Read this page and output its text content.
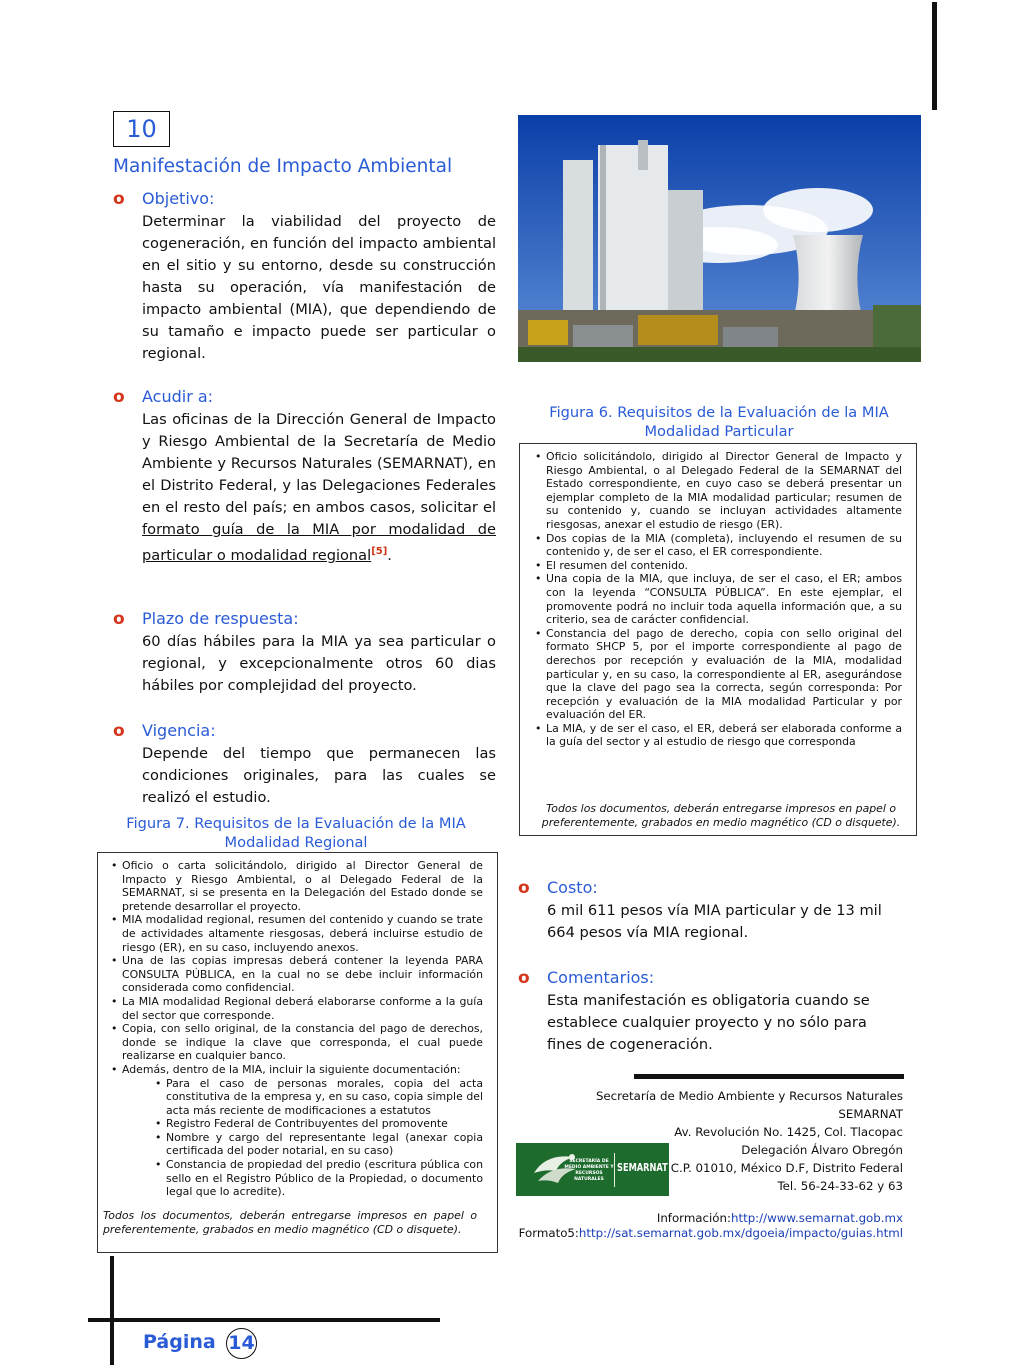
10
Manifestación de Impacto Ambiental
o Objetivo:

Determinar la viabilidad del proyecto de cogeneración, en función del impacto ambiental en el sitio y su entorno, desde su construcción hasta su operación, vía manifestación de impacto ambiental (MIA), que dependiendo de su tamaño e impacto puede ser particular o regional.

o Acudir a:

Las oficinas de la Dirección General de Impacto y Riesgo Ambiental de la Secretaría de Medio Ambiente y Recursos Naturales (SEMARNAT), en el Distrito Federal, y las Delegaciones Federales en el resto del país; en ambos casos, solicitar el formato guía de la MIA por modalidad de particular o modalidad regional[5].

o Plazo de respuesta:

60 días hábiles para la MIA ya sea particular o regional, y excepcionalmente otros 60 dias hábiles por complejidad del proyecto.

o Vigencia:

Depende del tiempo que permanecen las condiciones originales, para las cuales se realizó el estudio.

Figura 6. Requisitos de la Evaluación de la MIA
Modalidad Particular
• Oficio solicitándolo, dirigido al Director General de Impacto y Riesgo Ambiental, o al Delegado Federal de la SEMARNAT del Estado correspondiente, en cuyo caso se deberá presentar un ejemplar completo de la MIA modalidad particular; resumen de su contenido y, cuando se incluyan actividades altamente riesgosas, anexar el estudio de riesgo (ER).
• Dos copias de la MIA (completa), incluyendo el resumen de su contenido y, de ser el caso, el ER correspondiente.
• El resumen del contenido.
• Una copia de la MIA, que incluya, de ser el caso, el ER; ambos con la leyenda “CONSULTA PÚBLICA”. En este ejemplar, el promovente podrá no incluir toda aquella información que, a su criterio, sea de carácter confidencial.
• Constancia del pago de derecho, copia con sello original del formato SHCP 5, por el importe correspondiente al pago de derechos por recepción y evaluación de la MIA, modalidad particular y, en su caso, la correspondiente al ER, asegurándose que la clave del pago sea la correcta, según corresponda: Por recepción y evaluación de la MIA modalidad Particular y por evaluación del ER.
• La MIA, y de ser el caso, el ER, deberá ser elaborada conforme a la guía del sector y al estudio de riesgo que corresponda
Todos los documentos, deberán entregarse impresos en papel o preferentemente, grabados en medio magnético (CD o disquete).
Figura 7. Requisitos de la Evaluación de la MIA
Modalidad Regional
• Oficio o carta solicitándolo, dirigido al Director General de Impacto y Riesgo Ambiental, o al Delegado Federal de la SEMARNAT, si se presenta en la Delegación del Estado donde se pretende desarrollar el proyecto.
• MIA modalidad regional, resumen del contenido y cuando se trate de actividades altamente riesgosas, deberá incluirse estudio de riesgo (ER), en su caso, incluyendo anexos.
• Una de las copias impresas deberá contener la leyenda PARA CONSULTA PÚBLICA, en la cual no se debe incluir información considerada como confidencial.
• La MIA modalidad Regional deberá elaborarse conforme a la guía del sector que corresponde.
• Copia, con sello original, de la constancia del pago de derechos, donde se indique la clave que corresponda, el cual puede realizarse en cualquier banco.
• Además, dentro de la MIA, incluir la siguiente documentación:
• Para el caso de personas morales, copia del acta constitutiva de la empresa y, en su caso, copia simple del acta más reciente de modificaciones a estatutos
• Registro Federal de Contribuyentes del promovente
• Nombre y cargo del representante legal (anexar copia certificada del poder notarial, en su caso)
• Constancia de propiedad del predio (escritura pública con sello en el Registro Público de la Propiedad, o documento legal que lo acredite).
Todos los documentos, deberán entregarse impresos en papel o preferentemente, grabados en medio magnético (CD o disquete).
o Costo:

6 mil 611 pesos vía MIA particular y de 13 mil 664 pesos vía MIA regional.

o Comentarios:

Esta manifestación es obligatoria cuando se establece cualquier proyecto y no sólo para fines de cogeneración.

Secretaría de Medio Ambiente y Recursos Naturales
SEMARNAT
Av. Revolución No. 1425, Col. Tlacopac
Delegación Álvaro Obregón
C.P. 01010, México D.F, Distrito Federal
Tel. 56-24-33-62 y 63
Información:http://www.semarnat.gob.mx
Formato5:http://sat.semarnat.gob.mx/dgoeia/impacto/guias.html
SECRETARÍA DE
MEDIO AMBIENTE Y
RECURSOS NATURALES
SEMARNAT
Página 14
